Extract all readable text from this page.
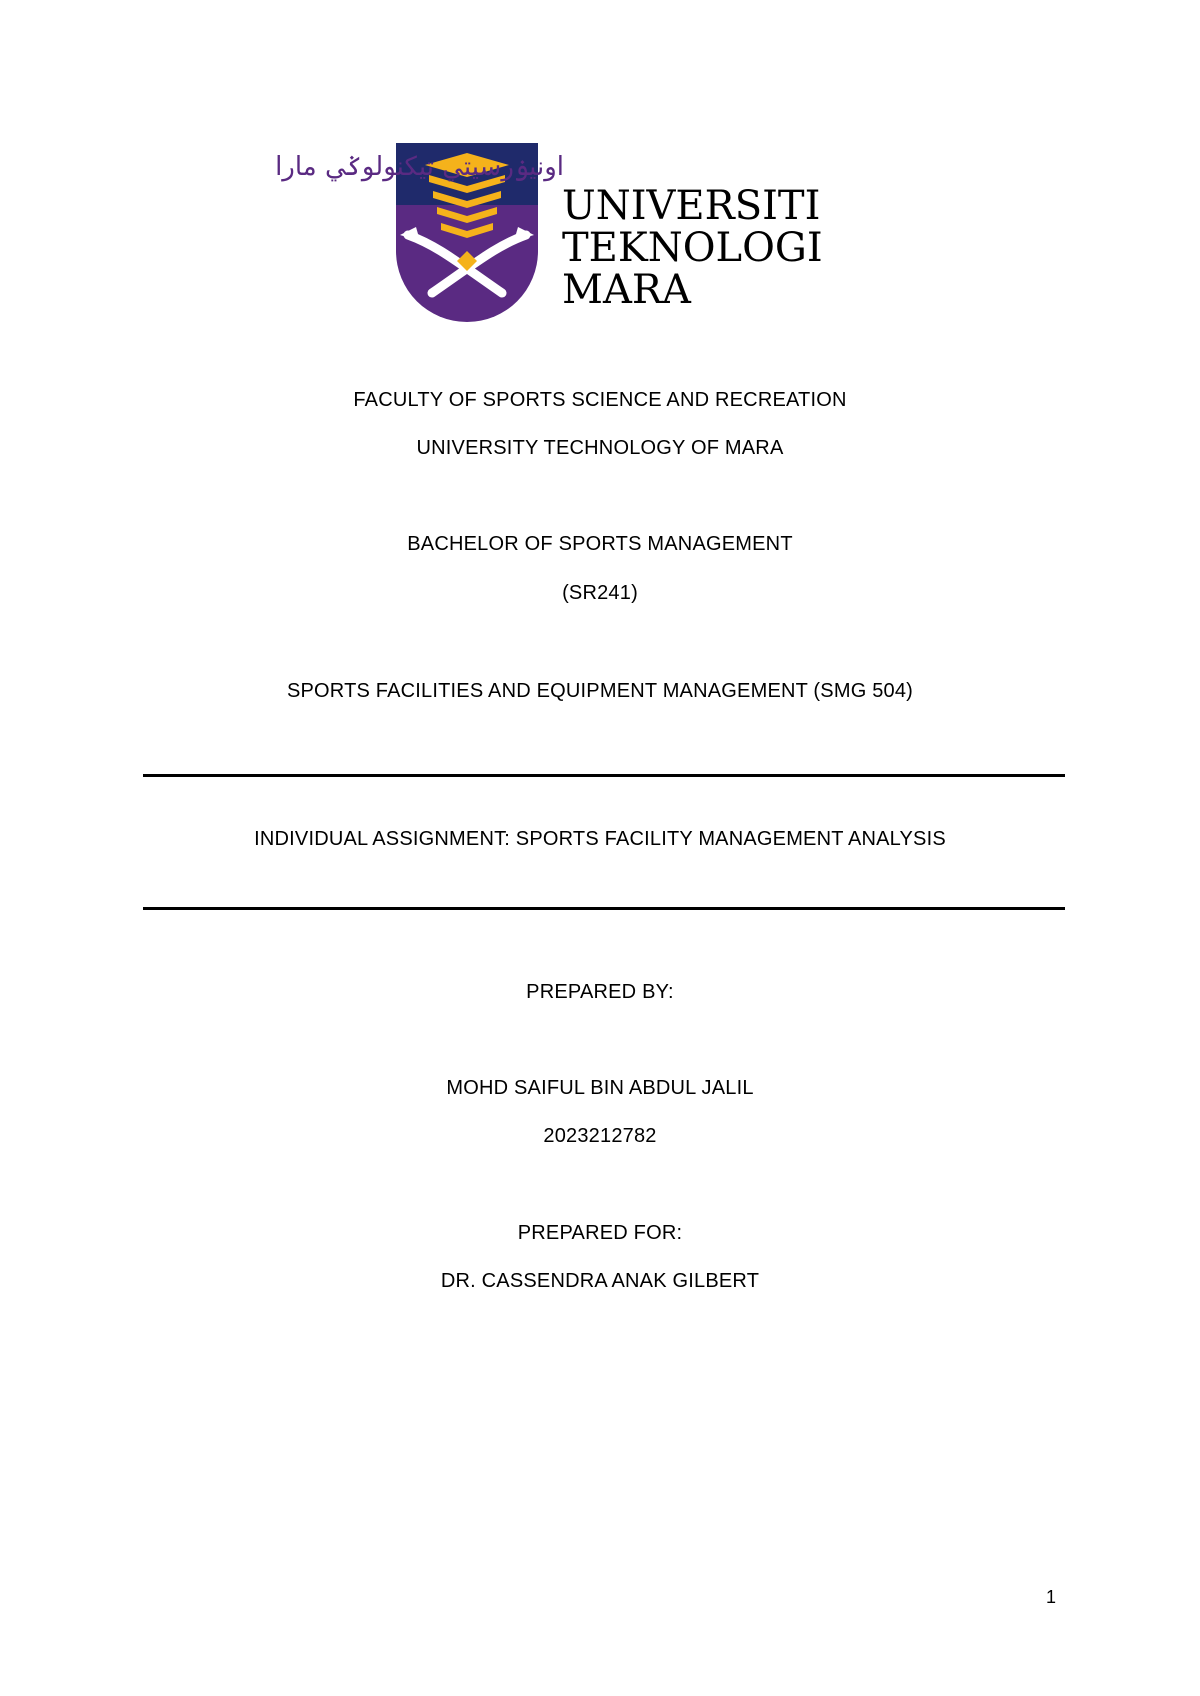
اونيۏرسيتي تيكنولوݢي مارا
UNIVERSITI
TEKNOLOGI
MARA
FACULTY OF SPORTS SCIENCE AND RECREATION
UNIVERSITY TECHNOLOGY OF MARA
BACHELOR OF SPORTS MANAGEMENT
(SR241)
SPORTS FACILITIES AND EQUIPMENT MANAGEMENT (SMG 504)
INDIVIDUAL ASSIGNMENT: SPORTS FACILITY MANAGEMENT ANALYSIS
PREPARED BY:
MOHD SAIFUL BIN ABDUL JALIL
2023212782
PREPARED FOR:
DR. CASSENDRA ANAK GILBERT
1
